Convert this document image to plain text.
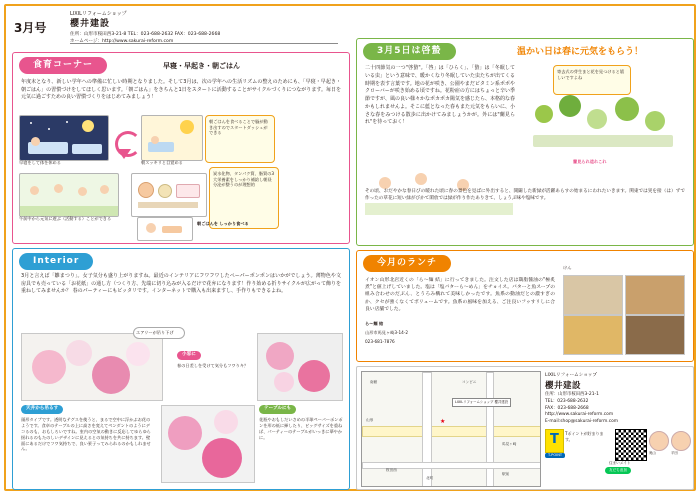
3月号
LIXILリフォームショップ
櫻井建設
住所：山形市桜田西3-21-8 TEL：023-688-2632 FAX：023-688-2668
ホームページ：http://www.sakurai-reform.com
食育コーナー	早寝・早起き・朝ごはん
年度末となり、新しい学年への準備に忙しい時期となりました。そして3月は、次の学年への生活リズムの整えのためにも、「早寝・早起き・朝ごはん」の習慣づけをしてほしく思います。「朝ごはん」をきちんと1日をスタートに活動することがサイクルづくりにつながります。毎日を元気に過ごすための良い習慣づくりをはじめてみましょう！
早寝をして体を休める
朝ごはんを食べることで脳が動き出すのでスタートダッシュができる
朝スッキリと目覚める
炭水化物、タンパク質、脂質の3大栄養素をしっかり補給し朝昼分泌が整うのが理想的
午前中から元気に遊ぶ（活動する）ことができる
朝ごはんを しっかり食べる
Interior
3月と言えば「雛まつり」。女子気分も盛り上がりますね。最近のインテリアにフワフワしたペーパーポンポンはいかがでしょう。薄物色や文房具でも売っている「お花紙」の通し方（つくり方、先端に切り込みが入るだけで花弁になります！作り始める折りサイクルが広がって飾りを重ねしてみませんか？ 春のパーティーにもピッタリです。インターネットで購入も出来ますし、手作りもできるよね。
小窓に
春の日差しを受けて気分もフワりキ？
エアリーが吊り下げ
天井から吊るす
頭形タイプです。透明なテグスを使うと、まるで空中に浮かぶお花のようです。食卓のテーブルの上に高さを変えてペンダントのようにデコるのも、おもしろいですね。室内の空気の動きに反応してゆらゆら揺れるのもたのしいデザインに見えるとの気持ちを共に持ちます。壁面にあるだけでフワ気持ちで、良い景子ってみられるのかもしれません。
テーブルにも
花瓶やおもしだいさめの半球ペーパーポンポンを形の低に挿したり、ビッグサイズを重ねば、パーティーのテーブルがいっきに華やかに。
3月5日は啓蟄	温かい日は春に元気をもらう！
二十四節気の一つ"啓蟄"。「啓」は「ひらく」、「蟄」は「冬眠している虫」という意味で、暖かくなり冬眠していた虫たちが出てくる時期を表す言葉です。地の花が咲き、公園やまだビタミン系ポポやクローバーが咲き始める頃ですね。花粉症の方にはちょっと辛い季節ですが、風の良い様々かなポカポカ陽気を感じたら、本格的な春かもしれませんよ。そこに藍となった春もまた元気をもらいに、小さな春をみつける散歩に出かけてみましょうかが。外には"蘭見られ"を待っておく！
寄去式の芽生まと花を見つけると嬉しいですよね
蘭見られ這れこれ
その頃、おだやかな春日びの暖れた頃に春の景色を見ばに外出すると、開闢した新緑が活躍あらすの始まるにわれたいきます。関東では実を接（は）ずで作ったの草花に短い緑がびかて閑放では緑が作り作たありきて、しょうぶ味や塩味です。
今月のランチ
イオン山形北店近くの「ら～麺 結」に行ってきました。注文した店は鶏脂醤油の"極炙煮"と値上げしていました。塩は「塩バターら～めん」をチョイス。バターと魚スープの組み合わせのだぶん、とうろみ構れて美味しかったです。魚系の動油だとの濃すぎのか、クセが強くなくてボリュームです。魚系の風味を加える、ご注良いフゥすリしに合良い店舗でした。
けん
ら～麺 結
山形市馬見ヶ崎3-14-2
023-681-7876
LIXILリフォームショップ 櫻井建設
★
山形
桜田西
馬見ヶ崎
駅前
南館
北町
コンビニ
LIXILリフォームショップ
櫻井建設
住所：山形市桜田西3-21-1
TEL：023-688-2632
FAX：023-688-2668
http://www.sakurai-reform.com
E-mail:shop@sakurai-reform.com
T
Tポイントが貯まります。
T-POINT
住まいメイト
友だち追加
奥山	平田
